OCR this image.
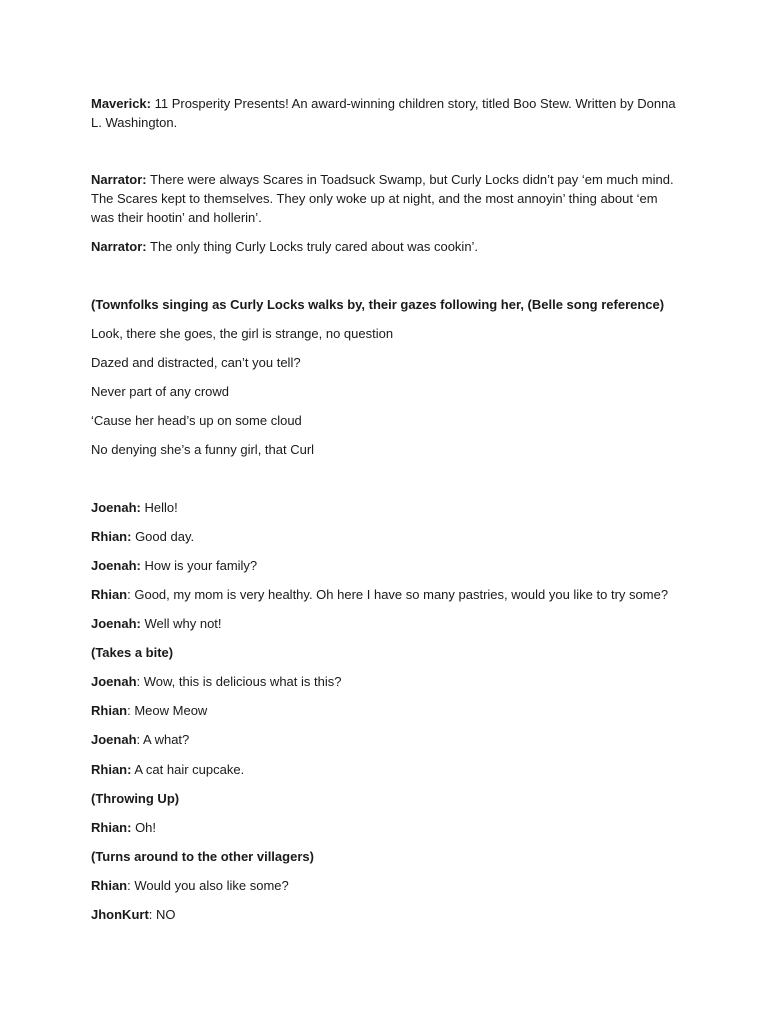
Maverick: 11 Prosperity Presents! An award-winning children story, titled Boo Stew. Written by Donna L. Washington.
Narrator: There were always Scares in Toadsuck Swamp, but Curly Locks didn’t pay ‘em much mind. The Scares kept to themselves. They only woke up at night, and the most annoyin’ thing about ‘em was their hootin’ and hollerin’.
Narrator: The only thing Curly Locks truly cared about was cookin’.
(Townfolks singing as Curly Locks walks by, their gazes following her, (Belle song reference)
Look, there she goes, the girl is strange, no question
Dazed and distracted, can’t you tell?
Never part of any crowd
‘Cause her head’s up on some cloud
No denying she’s a funny girl, that Curl
Joenah: Hello!
Rhian: Good day.
Joenah: How is your family?
Rhian: Good, my mom is very healthy. Oh here I have so many pastries, would you like to try some?
Joenah: Well why not!
(Takes a bite)
Joenah: Wow, this is delicious what is this?
Rhian: Meow Meow
Joenah: A what?
Rhian: A cat hair cupcake.
(Throwing Up)
Rhian: Oh!
(Turns around to the other villagers)
Rhian: Would you also like some?
JhonKurt: NO
